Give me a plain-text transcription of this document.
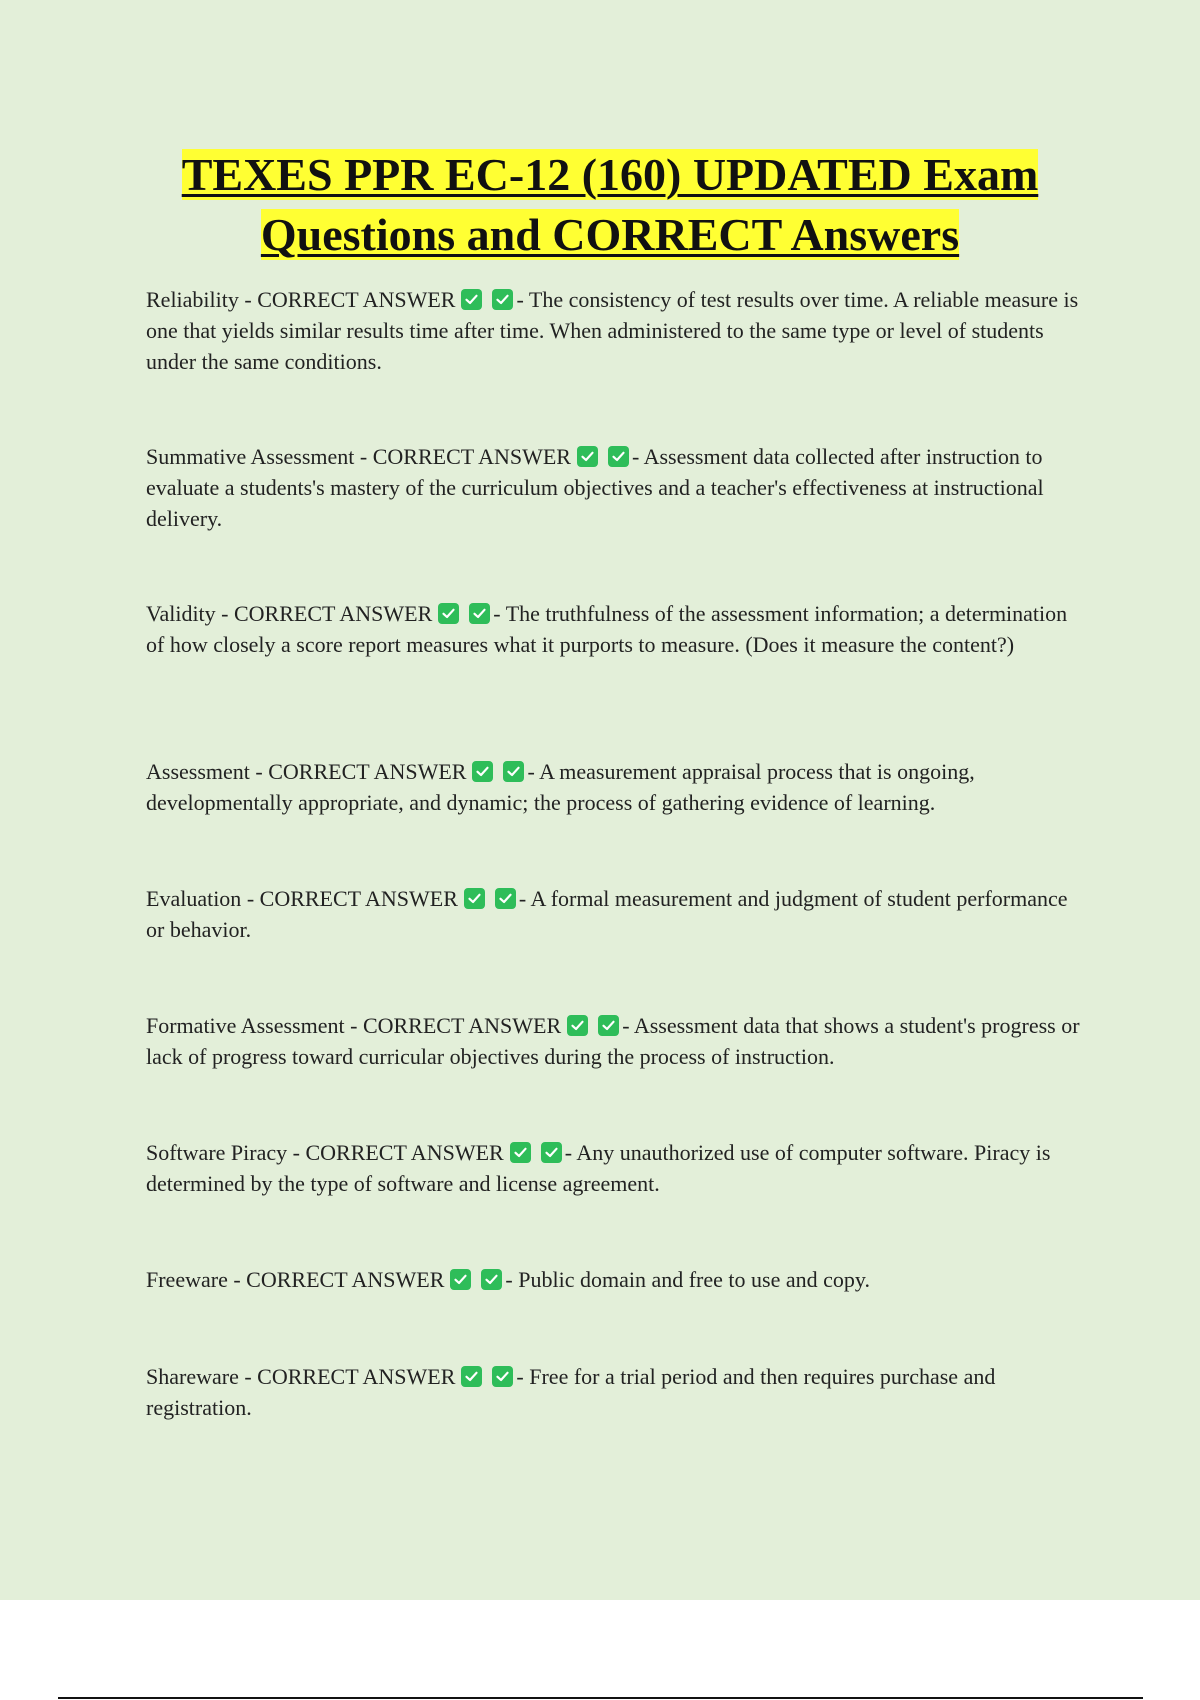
TEXES PPR EC-12 (160) UPDATED Exam
Questions and CORRECT Answers

Reliability - CORRECT ANSWER	- The consistency of test results over time. A reliable measure is one that yields similar results time after time. When administered to the same type or level of students under the same conditions.

Summative Assessment - CORRECT ANSWER	- Assessment data collected after instruction to evaluate a students's mastery of the curriculum objectives and a teacher's effectiveness at instructional delivery.

Validity - CORRECT ANSWER	- The truthfulness of the assessment information; a determination of how closely a score report measures what it purports to measure. (Does it measure the content?)

Assessment - CORRECT ANSWER	- A measurement appraisal process that is ongoing, developmentally appropriate, and dynamic; the process of gathering evidence of learning.

Evaluation - CORRECT ANSWER	- A formal measurement and judgment of student performance or behavior.

Formative Assessment - CORRECT ANSWER	- Assessment data that shows a student's progress or lack of progress toward curricular objectives during the process of instruction.

Software Piracy - CORRECT ANSWER	- Any unauthorized use of computer software. Piracy is determined by the type of software and license agreement.

Freeware - CORRECT ANSWER	- Public domain and free to use and copy.

Shareware - CORRECT ANSWER	- Free for a trial period and then requires purchase and registration.
